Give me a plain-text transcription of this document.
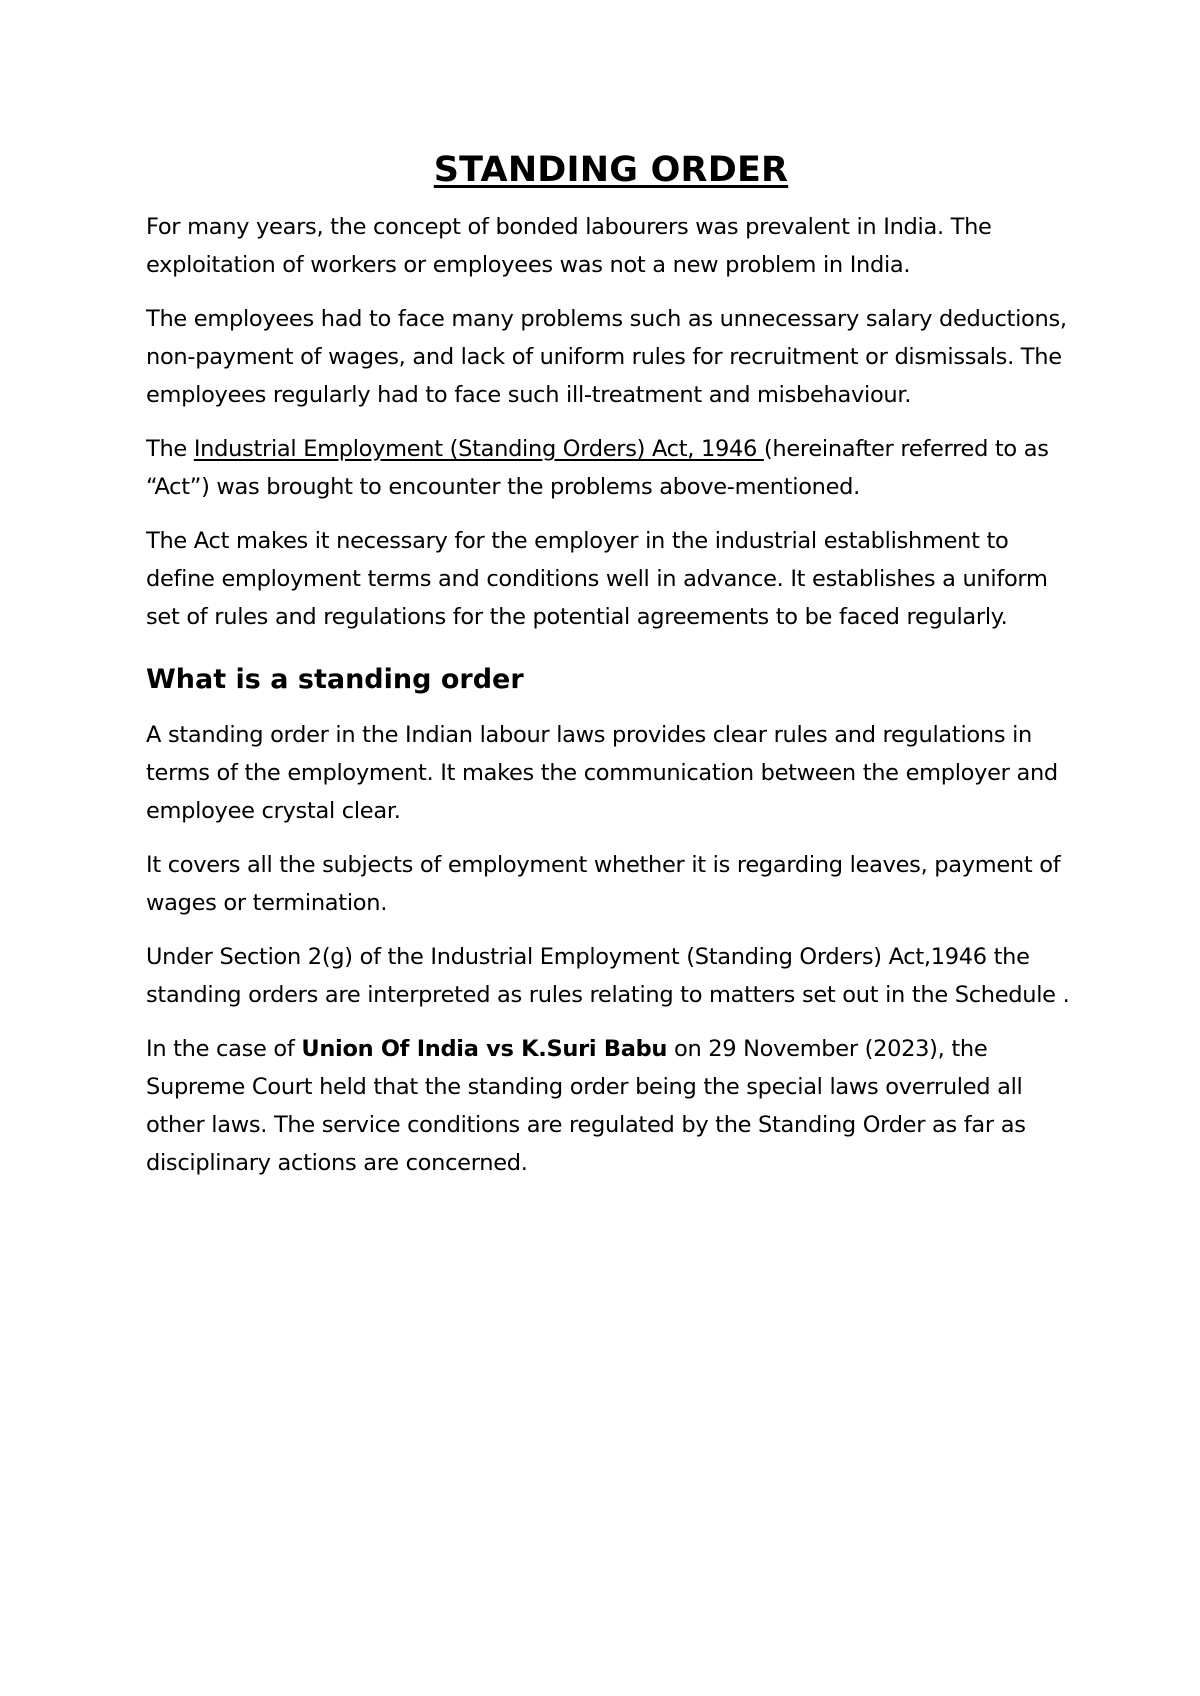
STANDING ORDER

For many years, the concept of bonded labourers was prevalent in India. The exploitation of workers or employees was not a new problem in India.

The employees had to face many problems such as unnecessary salary deductions, non-payment of wages, and lack of uniform rules for recruitment or dismissals. The employees regularly had to face such ill-treatment and misbehaviour.

The Industrial Employment (Standing Orders) Act, 1946 (hereinafter referred to as “Act”) was brought to encounter the problems above-mentioned.

The Act makes it necessary for the employer in the industrial establishment to define employment terms and conditions well in advance. It establishes a uniform set of rules and regulations for the potential agreements to be faced regularly.

What is a standing order

A standing order in the Indian labour laws provides clear rules and regulations in terms of the employment. It makes the communication between the employer and employee crystal clear.

It covers all the subjects of employment whether it is regarding leaves, payment of wages or termination.

Under Section 2(g) of the Industrial Employment (Standing Orders) Act,1946 the standing orders are interpreted as rules relating to matters set out in the Schedule .

In the case of Union Of India vs K.Suri Babu on 29 November (2023), the Supreme Court held that the standing order being the special laws overruled all other laws. The service conditions are regulated by the Standing Order as far as disciplinary actions are concerned.
